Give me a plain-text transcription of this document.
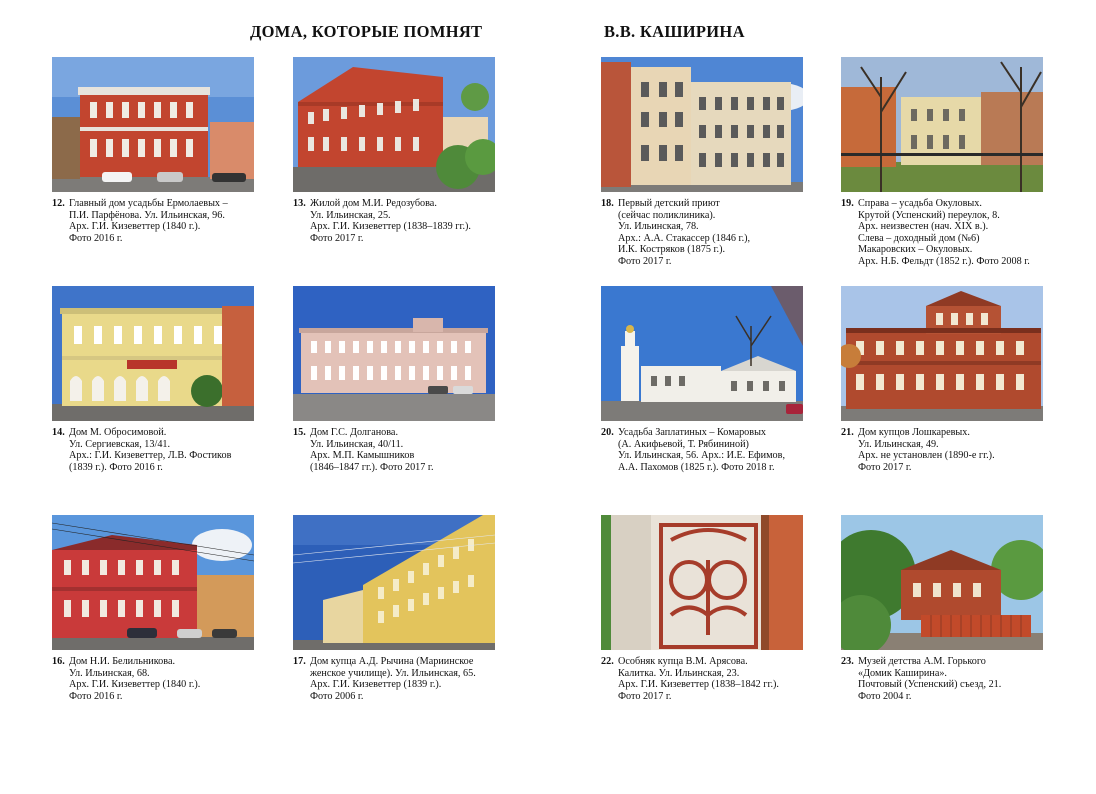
ДОМА, КОТОРЫЕ ПОМНЯТ	В.В. КАШИРИНА
12. Главный дом усадьбы Ермолаевых –
П.И. Парфёнова. Ул. Ильинская, 96.
Арх. Г.И. Кизеветтер (1840 г.).
Фото 2016 г.
13. Жилой дом М.И. Редозубова.
Ул. Ильинская, 25.
Арх. Г.И. Кизеветтер (1838–1839 гг.).
Фото 2017 г.
18. Первый детский приют
(сейчас поликлиника).
Ул. Ильинская, 78.
Арх.: А.А. Стакассер (1846 г.),
И.К. Костряков (1875 г.).
Фото 2017 г.
19. Справа – усадьба Окуловых.
Крутой (Успенский) переулок, 8.
Арх. неизвестен (нач. XIX в.).
Слева – доходный дом (№6)
Макаровских – Окуловых.
Арх. Н.Б. Фельдт (1852 г.). Фото 2008 г.
14. Дом М. Обросимовой.
Ул. Сергиевская, 13/41.
Арх.: Г.И. Кизеветтер, Л.В. Фостиков
(1839 г.). Фото 2016 г.
15. Дом Г.С. Долганова.
Ул. Ильинская, 40/11.
Арх. М.П. Камышников
(1846–1847 гг.). Фото 2017 г.
20. Усадьба Заплатиных – Комаровых
(А. Акифьевой, Т. Рябининой)
Ул. Ильинская, 56. Арх.: И.Е. Ефимов,
А.А. Пахомов (1825 г.). Фото 2018 г.
21. Дом купцов Лошкаревых.
Ул. Ильинская, 49.
Арх. не установлен (1890-е гг.).
Фото 2017 г.
16. Дом Н.И. Белильникова.
Ул. Ильинская, 68.
Арх. Г.И. Кизеветтер (1840 г.).
Фото 2016 г.
17. Дом купца А.Д. Рычина (Мариинское
женское училище). Ул. Ильинская, 65.
Арх. Г.И. Кизеветтер (1839 г.).
Фото 2006 г.
22. Особняк купца В.М. Арясова.
Калитка. Ул. Ильинская, 23.
Арх. Г.И. Кизеветтер (1838–1842 гг.).
Фото 2017 г.
23. Музей детства А.М. Горького
«Домик Каширина».
Почтовый (Успенский) съезд, 21.
Фото 2004 г.
